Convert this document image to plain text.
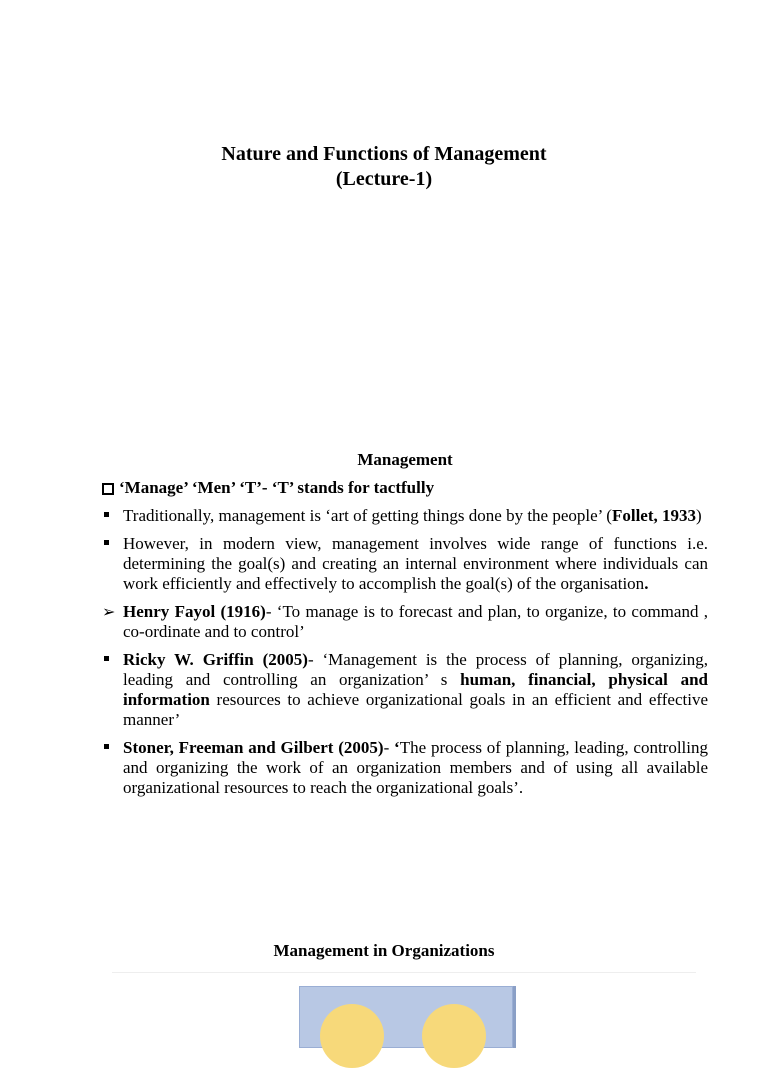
Nature and Functions of Management
(Lecture-1)
Management
‘Manage’ ‘Men’ ‘T’- ‘T’ stands for tactfully
Traditionally, management is ‘art of getting things done by the people’ (Follet, 1933)
However, in modern view, management involves wide range of functions i.e. determining the goal(s) and creating an internal environment where individuals can work efficiently and effectively to accomplish the goal(s) of the organisation.
➢ Henry Fayol (1916)- ‘To manage is to forecast and plan, to organize, to command , co-ordinate and to control’
Ricky W. Griffin (2005)- ‘Management is the process of planning, organizing, leading and controlling an organization’ s human, financial, physical and information resources to achieve organizational goals in an efficient and effective manner’
Stoner, Freeman and Gilbert (2005)- ‘The process of planning, leading, controlling and organizing the work of an organization members and of using all available organizational resources to reach the organizational goals’.
Management in Organizations
